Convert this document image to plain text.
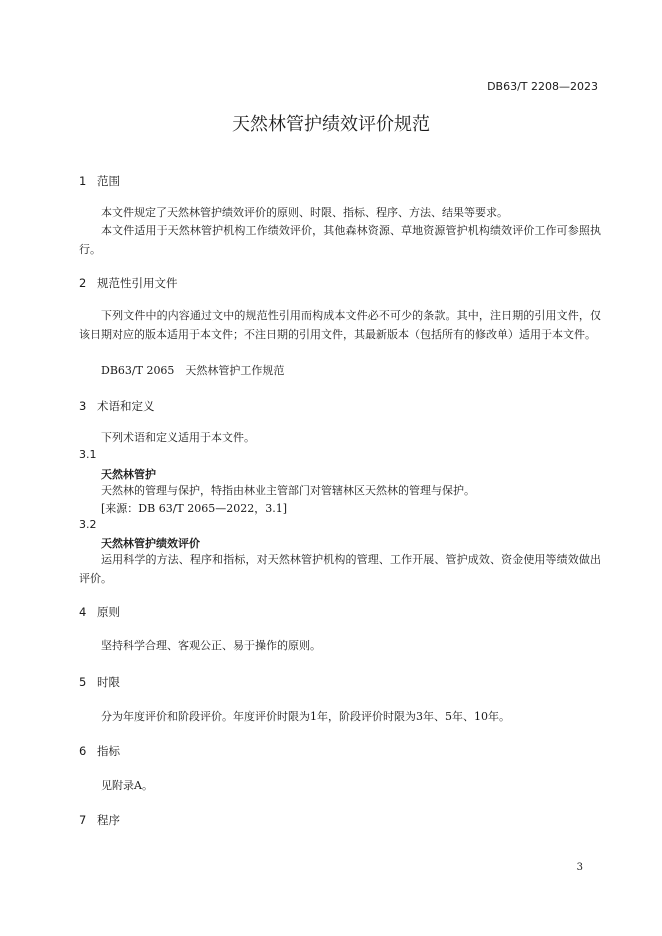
DB63/T 2208—2023
天然林管护绩效评价规范
1 范围
本文件规定了天然林管护绩效评价的原则、时限、指标、程序、方法、结果等要求。
本文件适用于天然林管护机构工作绩效评价，其他森林资源、草地资源管护机构绩效评价工作可参照执行。
2 规范性引用文件
下列文件中的内容通过文中的规范性引用而构成本文件必不可少的条款。其中，注日期的引用文件，仅该日期对应的版本适用于本文件；不注日期的引用文件，其最新版本（包括所有的修改单）适用于本文件。
DB63/T 2065　天然林管护工作规范
3 术语和定义
下列术语和定义适用于本文件。
3.1
天然林管护
天然林的管理与保护，特指由林业主管部门对管辖林区天然林的管理与保护。
[来源：DB 63/T 2065—2022，3.1]
3.2
天然林管护绩效评价
运用科学的方法、程序和指标，对天然林管护机构的管理、工作开展、管护成效、资金使用等绩效做出评价。
4 原则
坚持科学合理、客观公正、易于操作的原则。
5 时限
分为年度评价和阶段评价。年度评价时限为1年，阶段评价时限为3年、5年、10年。
6 指标
见附录A。
7 程序
3
